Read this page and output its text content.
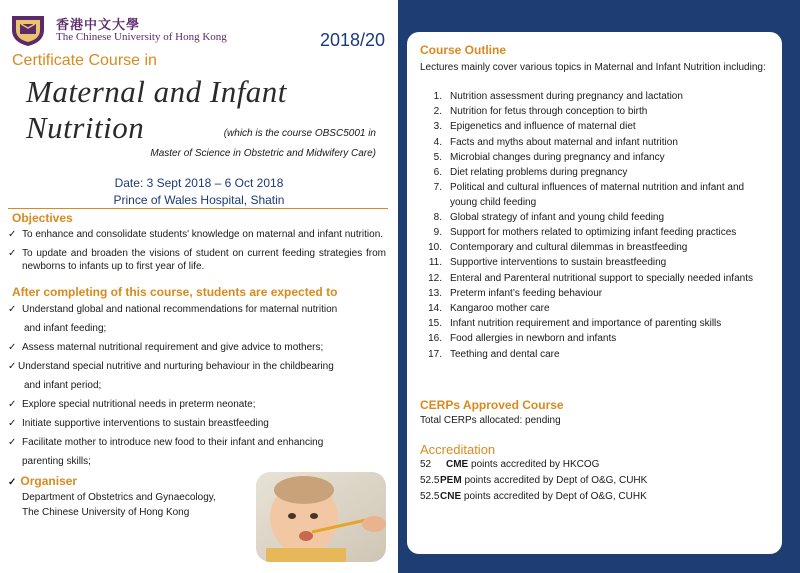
香港中文大學
The Chinese University of Hong Kong	2018/20
Certificate Course in
Maternal and Infant Nutrition	(which is the course OBSC5001 in
Master of Science in Obstetric and Midwifery Care)
Date: 3 Sept 2018 – 6 Oct 2018
Prince of Wales Hospital, Shatin
Objectives
✓ To enhance and consolidate students' knowledge on maternal and infant nutrition.
✓ To update and broaden the visions of student on current feeding strategies from newborns to infants up to first year of life.
After completing of this course, students are expected to
✓ Understand global and national recommendations for maternal nutrition
and infant feeding;
✓ Assess maternal nutritional requirement and give advice to mothers;
✓ Understand special nutritive and nurturing behaviour in the childbearing
and infant period;
✓ Explore special nutritional needs in preterm neonate;
✓ Initiate supportive interventions to sustain breastfeeding
✓ Facilitate mother to introduce new food to their infant and enhancing
parenting skills;
✓ Organiser
Department of Obstetrics and Gynaecology,
The Chinese University of Hong Kong
Course Outline
Lectures mainly cover various topics in Maternal and Infant Nutrition including:
1. Nutrition assessment during pregnancy and lactation
2. Nutrition for fetus through conception to birth
3. Epigenetics and influence of maternal diet
4. Facts and myths about maternal and infant nutrition
5. Microbial changes during pregnancy and infancy
6. Diet relating problems during pregnancy
7. Political and cultural influences of maternal nutrition and infant and young child feeding
8. Global strategy of infant and young child feeding
9. Support for mothers related to optimizing infant feeding practices
10. Contemporary and cultural dilemmas in breastfeeding
11. Supportive interventions to sustain breastfeeding
12. Enteral and Parenteral nutritional support to specially needed infants
13. Preterm infant’s feeding behaviour
14. Kangaroo mother care
15. Infant nutrition requirement and importance of parenting skills
16. Food allergies in newborn and infants
17. Teething and dental care
CERPs Approved Course
Total CERPs allocated: pending
Accreditation
52 CME points accredited by HKCOG
52.5PEM points accredited by Dept of O&G, CUHK
52.5CNE points accredited by Dept of O&G, CUHK
